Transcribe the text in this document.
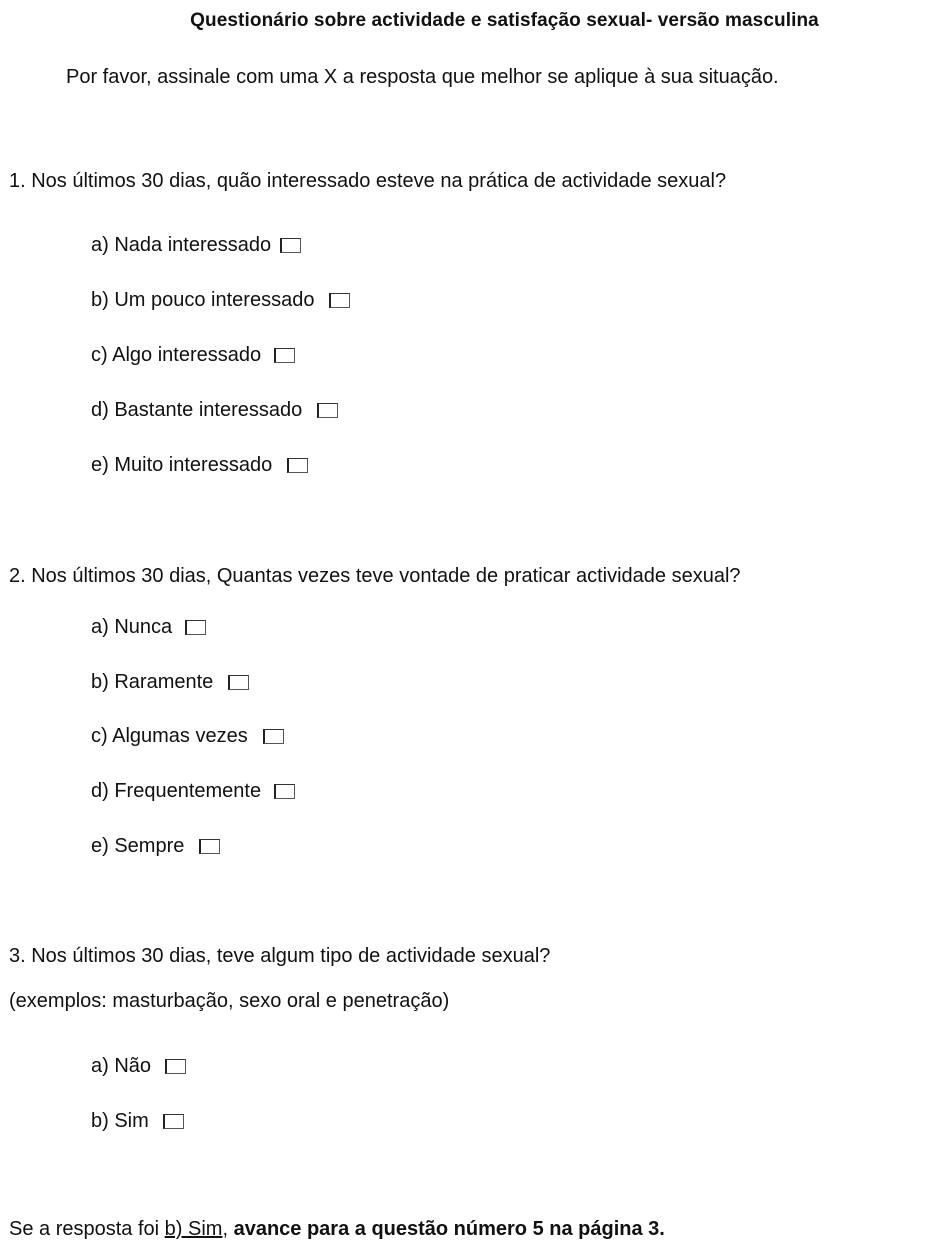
Questionário sobre actividade e satisfação sexual- versão masculina
Por favor, assinale com uma X a resposta que melhor se aplique à sua situação.
1. Nos últimos 30 dias, quão interessado esteve na prática de actividade sexual?
a) Nada interessado
b) Um pouco interessado
c) Algo interessado
d) Bastante interessado
e) Muito interessado
2. Nos últimos 30 dias, Quantas vezes teve vontade de praticar actividade sexual?
a) Nunca
b) Raramente
c) Algumas vezes
d) Frequentemente
e) Sempre
3. Nos últimos 30 dias, teve algum tipo de actividade sexual?
(exemplos: masturbação, sexo oral e penetração)
a) Não
b) Sim
Se a resposta foi b) Sim, avance para a questão número 5 na página 3.
